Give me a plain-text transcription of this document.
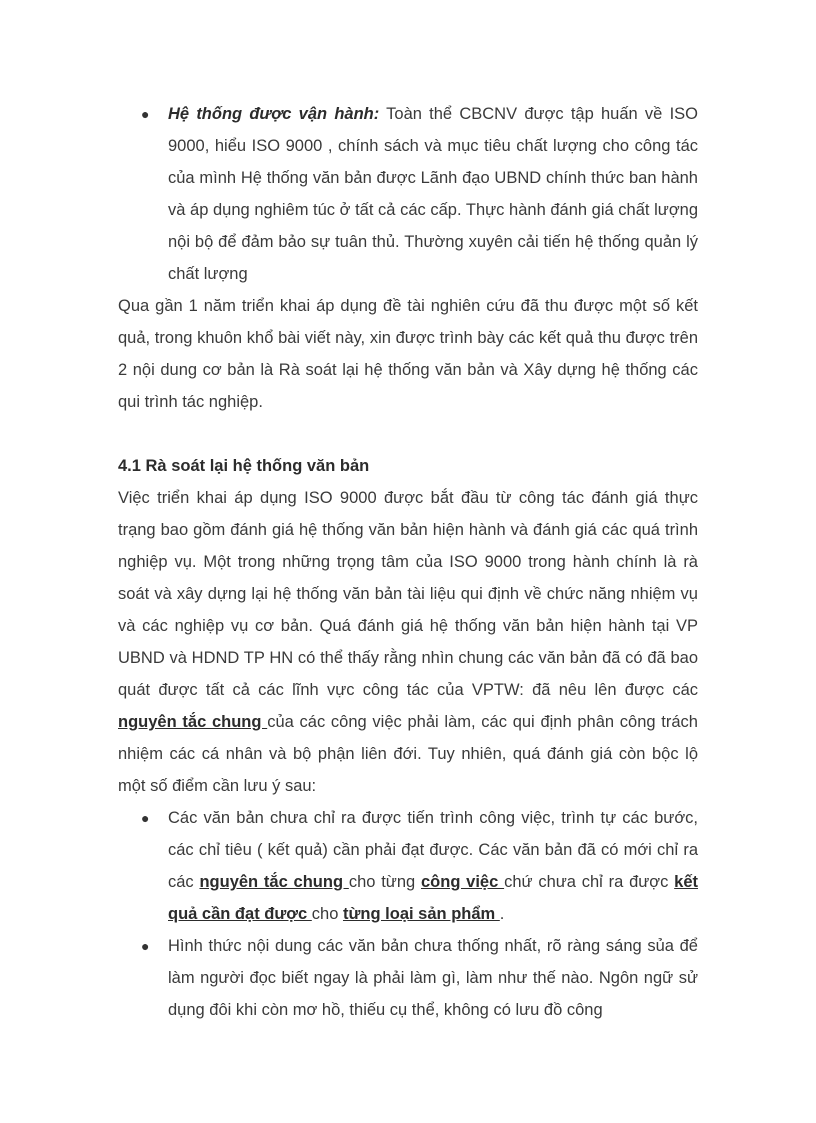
● Hệ thống được vận hành: Toàn thể CBCNV được tập huấn về ISO 9000, hiểu ISO 9000 , chính sách và mục tiêu chất lượng cho công tác của mình Hệ thống văn bản được Lãnh đạo UBND chính thức ban hành và áp dụng nghiêm túc ở tất cả các cấp. Thực hành đánh giá chất lượng nội bộ để đảm bảo sự tuân thủ. Thường xuyên cải tiến hệ thống quản lý chất lượng

Qua gần 1 năm triển khai áp dụng đề tài nghiên cứu đã thu được một số kết quả, trong khuôn khổ bài viết này, xin được trình bày các kết quả thu được trên 2 nội dung cơ bản là Rà soát lại hệ thống văn bản và Xây dựng hệ thống các qui trình tác nghiệp.

4.1 Rà soát lại hệ thống văn bản

Việc triển khai áp dụng ISO 9000 được bắt đầu từ công tác đánh giá thực trạng bao gồm đánh giá hệ thống văn bản hiện hành và đánh giá các quá trình nghiệp vụ. Một trong những trọng tâm của ISO 9000 trong hành chính là rà soát và xây dựng lại hệ thống văn bản tài liệu qui định về chức năng nhiệm vụ và các nghiệp vụ cơ bản. Quá đánh giá hệ thống văn bản hiện hành tại VP UBND và HDND TP HN có thể thấy rằng nhìn chung các văn bản đã có đã bao quát được tất cả các lĩnh vực công tác của VPTW: đã nêu lên được các nguyên tắc chung của các công việc phải làm, các qui định phân công trách nhiệm các cá nhân và bộ phận liên đới. Tuy nhiên, quá đánh giá còn bộc lộ một số điểm cần lưu ý sau:

● Các văn bản chưa chỉ ra được tiến trình công việc, trình tự các bước, các chỉ tiêu ( kết quả) cần phải đạt được. Các văn bản đã có mới chỉ ra các nguyên tắc chung cho từng công việc chứ chưa chỉ ra được kết quả cần đạt được cho từng loại sản phẩm .
● Hình thức nội dung các văn bản chưa thống nhất, rõ ràng sáng sủa để làm người đọc biết ngay là phải làm gì, làm như thế nào. Ngôn ngữ sử dụng đôi khi còn mơ hồ, thiếu cụ thể, không có lưu đồ công
